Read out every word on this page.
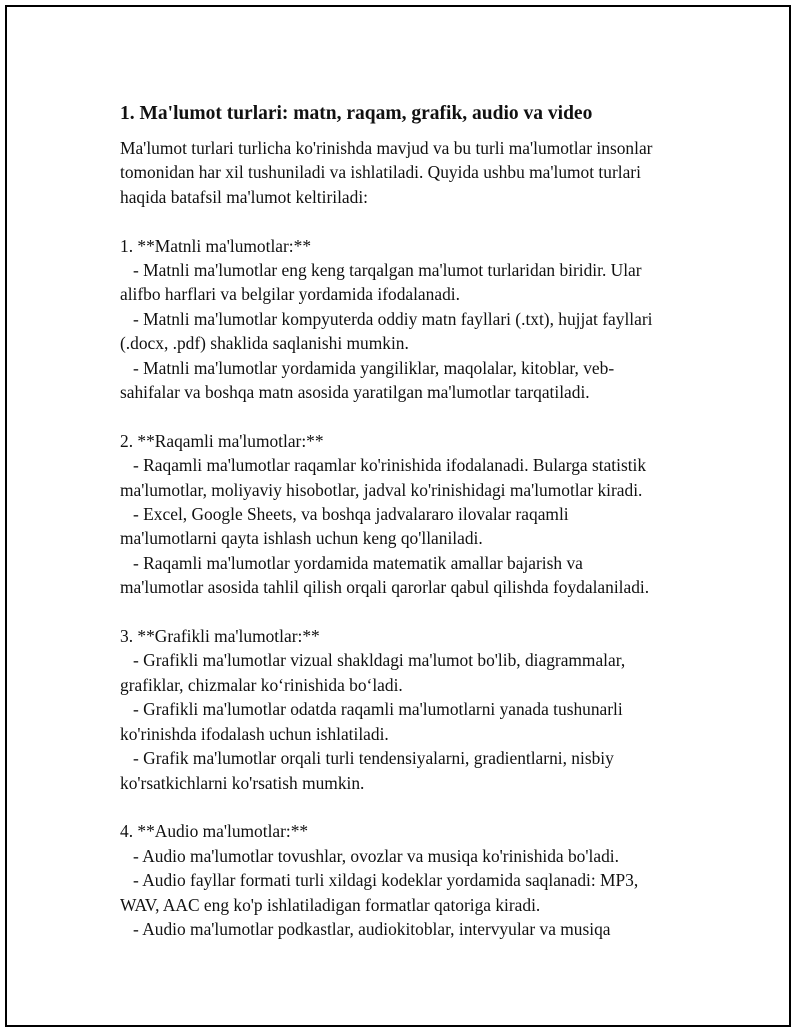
1. Ma'lumot turlari: matn, raqam, grafik, audio va video

Ma'lumot turlari turlicha ko'rinishda mavjud va bu turli ma'lumotlar insonlar

tomonidan har xil tushuniladi va ishlatiladi. Quyida ushbu ma'lumot turlari

haqida batafsil ma'lumot keltiriladi:

1. **Matnli ma'lumotlar:**

- Matnli ma'lumotlar eng keng tarqalgan ma'lumot turlaridan biridir. Ular

alifbo harflari va belgilar yordamida ifodalanadi.

- Matnli ma'lumotlar kompyuterda oddiy matn fayllari (.txt), hujjat fayllari

(.docx, .pdf) shaklida saqlanishi mumkin.

- Matnli ma'lumotlar yordamida yangiliklar, maqolalar, kitoblar, veb-

sahifalar va boshqa matn asosida yaratilgan ma'lumotlar tarqatiladi.

2. **Raqamli ma'lumotlar:**

- Raqamli ma'lumotlar raqamlar ko'rinishida ifodalanadi. Bularga statistik

ma'lumotlar, moliyaviy hisobotlar, jadval ko'rinishidagi ma'lumotlar kiradi.

- Excel, Google Sheets, va boshqa jadvalararo ilovalar raqamli

ma'lumotlarni qayta ishlash uchun keng qo'llaniladi.

- Raqamli ma'lumotlar yordamida matematik amallar bajarish va

ma'lumotlar asosida tahlil qilish orqali qarorlar qabul qilishda foydalaniladi.

3. **Grafikli ma'lumotlar:**

- Grafikli ma'lumotlar vizual shakldagi ma'lumot bo'lib, diagrammalar,

grafiklar, chizmalar ko‘rinishida bo‘ladi.

- Grafikli ma'lumotlar odatda raqamli ma'lumotlarni yanada tushunarli

ko'rinishda ifodalash uchun ishlatiladi.

- Grafik ma'lumotlar orqali turli tendensiyalarni, gradientlarni, nisbiy

ko'rsatkichlarni ko'rsatish mumkin.

4. **Audio ma'lumotlar:**

- Audio ma'lumotlar tovushlar, ovozlar va musiqa ko'rinishida bo'ladi.

- Audio fayllar formati turli xildagi kodeklar yordamida saqlanadi: MP3,

WAV, AAC eng ko'p ishlatiladigan formatlar qatoriga kiradi.

- Audio ma'lumotlar podkastlar, audiokitoblar, intervyular va musiqa
